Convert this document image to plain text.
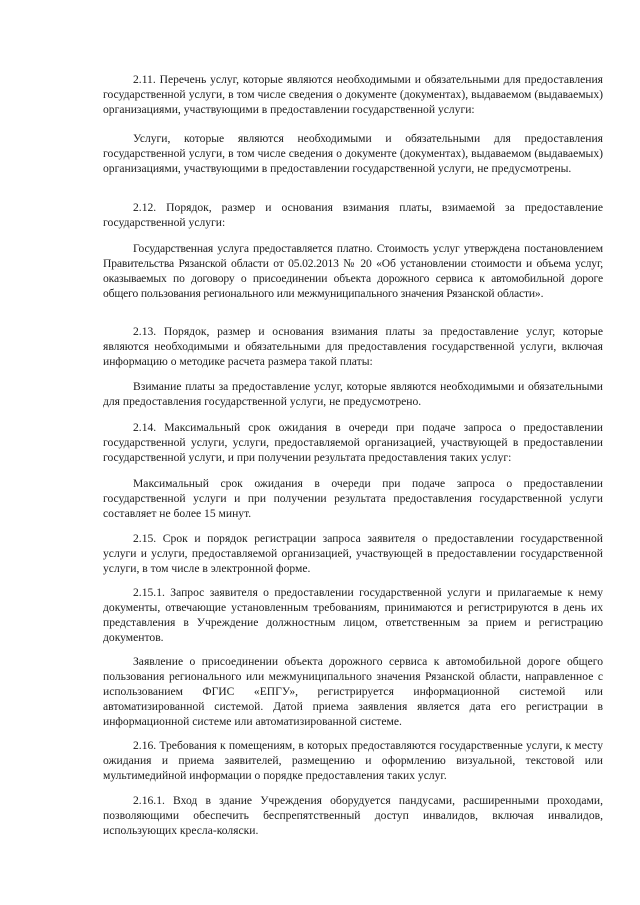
2.11. Перечень услуг, которые являются необходимыми и обязательными для предоставления государственной услуги, в том числе сведения о документе (документах), выдаваемом (выдаваемых) организациями, участвующими в предоставлении государственной услуги:

Услуги, которые являются необходимыми и обязательными для предоставления государственной услуги, в том числе сведения о документе (документах), выдаваемом (выдаваемых) организациями, участвующими в предоставлении государственной услуги, не предусмотрены.

2.12. Порядок, размер и основания взимания платы, взимаемой за предоставление государственной услуги:

Государственная услуга предоставляется платно. Стоимость услуг утверждена постановлением Правительства Рязанской области от 05.02.2013 № 20 «Об установлении стоимости и объема услуг, оказываемых по договору о присоединении объекта дорожного сервиса к автомобильной дороге общего пользования регионального или межмуниципального значения Рязанской области».

2.13. Порядок, размер и основания взимания платы за предоставление услуг, которые являются необходимыми и обязательными для предоставления государственной услуги, включая информацию о методике расчета размера такой платы:

Взимание платы за предоставление услуг, которые являются необходимыми и обязательными для предоставления государственной услуги, не предусмотрено.

2.14. Максимальный срок ожидания в очереди при подаче запроса о предоставлении государственной услуги, услуги, предоставляемой организацией, участвующей в предоставлении государственной услуги, и при получении результата предоставления таких услуг:

Максимальный срок ожидания в очереди при подаче запроса о предоставлении государственной услуги и при получении результата предоставления государственной услуги составляет не более 15 минут.

2.15. Срок и порядок регистрации запроса заявителя о предоставлении государственной услуги и услуги, предоставляемой организацией, участвующей в предоставлении государственной услуги, в том числе в электронной форме.

2.15.1. Запрос заявителя о предоставлении государственной услуги и прилагаемые к нему документы, отвечающие установленным требованиям, принимаются и регистрируются в день их представления в Учреждение должностным лицом, ответственным за прием и регистрацию документов.

Заявление о присоединении объекта дорожного сервиса к автомобильной дороге общего пользования регионального или межмуниципального значения Рязанской области, направленное с использованием ФГИС «ЕПГУ», регистрируется информационной системой или автоматизированной системой. Датой приема заявления является дата его регистрации в информационной системе или автоматизированной системе.

2.16. Требования к помещениям, в которых предоставляются государственные услуги, к месту ожидания и приема заявителей, размещению и оформлению визуальной, текстовой или мультимедийной информации о порядке предоставления таких услуг.

2.16.1. Вход в здание Учреждения оборудуется пандусами, расширенными проходами, позволяющими обеспечить беспрепятственный доступ инвалидов, включая инвалидов, использующих кресла-коляски.
